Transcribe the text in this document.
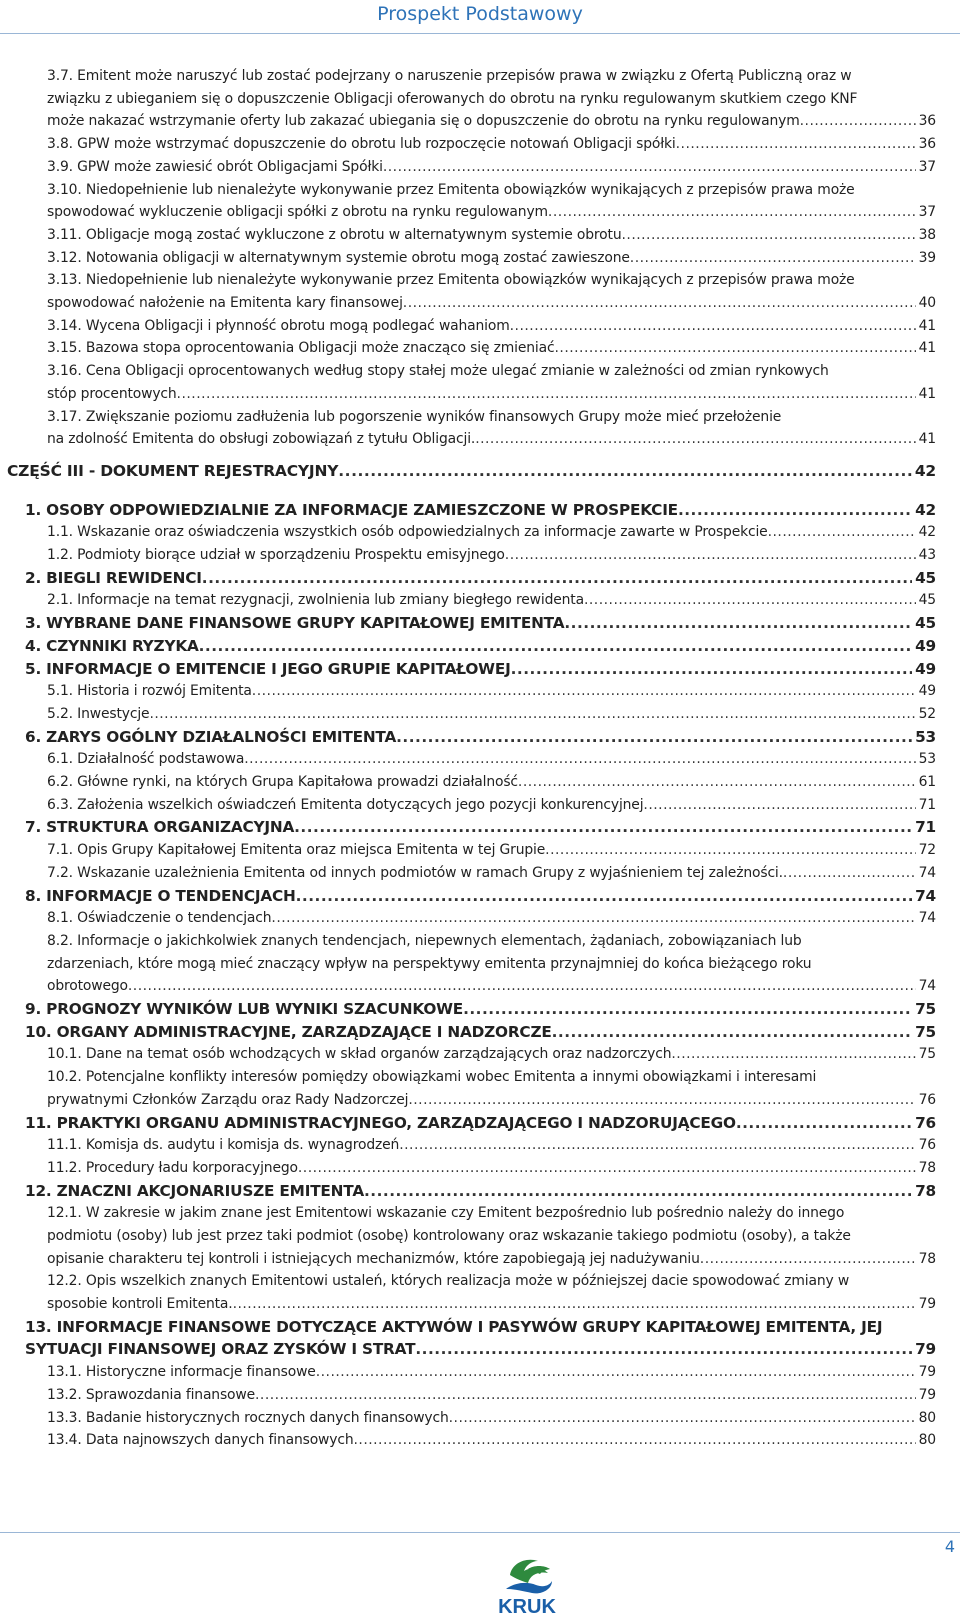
Prospekt Podstawowy
3.7. Emitent może naruszyć lub zostać podejrzany o naruszenie przepisów prawa w związku z Ofertą Publiczną oraz w
związku z ubieganiem się o dopuszczenie Obligacji oferowanych do obrotu na rynku regulowanym skutkiem czego KNF
może nakazać wstrzymanie oferty lub zakazać ubiegania się o dopuszczenie do obrotu na rynku regulowanym .....	36
3.8. GPW może wstrzymać dopuszczenie do obrotu lub rozpoczęcie notowań Obligacji spółki .....	36
3.9. GPW może zawiesić obrót Obligacjami Spółki .....	37
3.10. Niedopełnienie lub nienależyte wykonywanie przez Emitenta obowiązków wynikających z przepisów prawa może
spowodować wykluczenie obligacji spółki z obrotu na rynku regulowanym .....	37
3.11. Obligacje mogą zostać wykluczone z obrotu w alternatywnym systemie obrotu .....	38
3.12. Notowania obligacji w alternatywnym systemie obrotu mogą zostać zawieszone .....	39
3.13. Niedopełnienie lub nienależyte wykonywanie przez Emitenta obowiązków wynikających z przepisów prawa może
spowodować nałożenie na Emitenta kary finansowej .....	40
3.14. Wycena Obligacji i płynność obrotu mogą podlegać wahaniom .....	41
3.15. Bazowa stopa oprocentowania Obligacji może znacząco się zmieniać .....	41
3.16. Cena Obligacji oprocentowanych według stopy stałej może ulegać zmianie w zależności od zmian rynkowych
stóp procentowych .....	41
3.17. Zwiększanie poziomu zadłużenia lub pogorszenie wyników finansowych Grupy może mieć przełożenie
na zdolność Emitenta do obsługi zobowiązań z tytułu Obligacji. .....	41
CZĘŚĆ III - DOKUMENT REJESTRACYJNY .....	42
1. OSOBY ODPOWIEDZIALNIE ZA INFORMACJE ZAMIESZCZONE W PROSPEKCIE .....	42
1.1. Wskazanie oraz oświadczenia wszystkich osób odpowiedzialnych za informacje zawarte w Prospekcie .....	42
1.2. Podmioty biorące udział w sporządzeniu Prospektu emisyjnego .....	43
2. BIEGLI REWIDENCI .....	45
2.1. Informacje na temat rezygnacji, zwolnienia lub zmiany biegłego rewidenta .....	45
3. WYBRANE DANE FINANSOWE GRUPY KAPITAŁOWEJ EMITENTA .....	45
4. CZYNNIKI RYZYKA .....	49
5. INFORMACJE O EMITENCIE I JEGO GRUPIE KAPITAŁOWEJ .....	49
5.1. Historia i rozwój Emitenta .....	49
5.2. Inwestycje .....	52
6. ZARYS OGÓLNY DZIAŁALNOŚCI EMITENTA .....	53
6.1. Działalność podstawowa .....	53
6.2. Główne rynki, na których Grupa Kapitałowa prowadzi działalność .....	61
6.3. Założenia wszelkich oświadczeń Emitenta dotyczących jego pozycji konkurencyjnej .....	71
7. STRUKTURA ORGANIZACYJNA .....	71
7.1. Opis Grupy Kapitałowej Emitenta oraz miejsca Emitenta w tej Grupie .....	72
7.2. Wskazanie uzależnienia Emitenta od innych podmiotów w ramach Grupy z wyjaśnieniem tej zależności. .....	74
8. INFORMACJE O TENDENCJACH .....	74
8.1. Oświadczenie o tendencjach .....	74
8.2. Informacje o jakichkolwiek znanych tendencjach, niepewnych elementach, żądaniach, zobowiązaniach lub
zdarzeniach, które mogą mieć znaczący wpływ na perspektywy emitenta przynajmniej do końca bieżącego roku
obrotowego .....	74
9. PROGNOZY WYNIKÓW LUB WYNIKI SZACUNKOWE .....	75
10. ORGANY ADMINISTRACYJNE, ZARZĄDZAJĄCE I NADZORCZE .....	75
10.1. Dane na temat osób wchodzących w skład organów zarządzających oraz nadzorczych .....	75
10.2. Potencjalne konflikty interesów pomiędzy obowiązkami wobec Emitenta a innymi obowiązkami i interesami
prywatnymi Członków Zarządu oraz Rady Nadzorczej .....	76
11. PRAKTYKI ORGANU ADMINISTRACYJNEGO, ZARZĄDZAJĄCEGO I NADZORUJĄCEGO .....	76
11.1. Komisja ds. audytu i komisja ds. wynagrodzeń .....	76
11.2. Procedury ładu korporacyjnego .....	78
12. ZNACZNI AKCJONARIUSZE EMITENTA .....	78
12.1. W zakresie w jakim znane jest Emitentowi wskazanie czy Emitent bezpośrednio lub pośrednio należy do innego
podmiotu (osoby) lub jest przez taki podmiot (osobę) kontrolowany oraz wskazanie takiego podmiotu (osoby), a także
opisanie charakteru tej kontroli i istniejących mechanizmów, które zapobiegają jej nadużywaniu .....	78
12.2. Opis wszelkich znanych Emitentowi ustaleń, których realizacja może w późniejszej dacie spowodować zmiany w
sposobie kontroli Emitenta. .....	79
13. INFORMACJE FINANSOWE DOTYCZĄCE AKTYWÓW I PASYWÓW GRUPY KAPITAŁOWEJ EMITENTA, JEJ
SYTUACJI FINANSOWEJ ORAZ ZYSKÓW I STRAT .....	79
13.1. Historyczne informacje finansowe .....	79
13.2. Sprawozdania finansowe .....	79
13.3. Badanie historycznych rocznych danych finansowych .....	80
13.4. Data najnowszych danych finansowych .....	80
4
KRUK
